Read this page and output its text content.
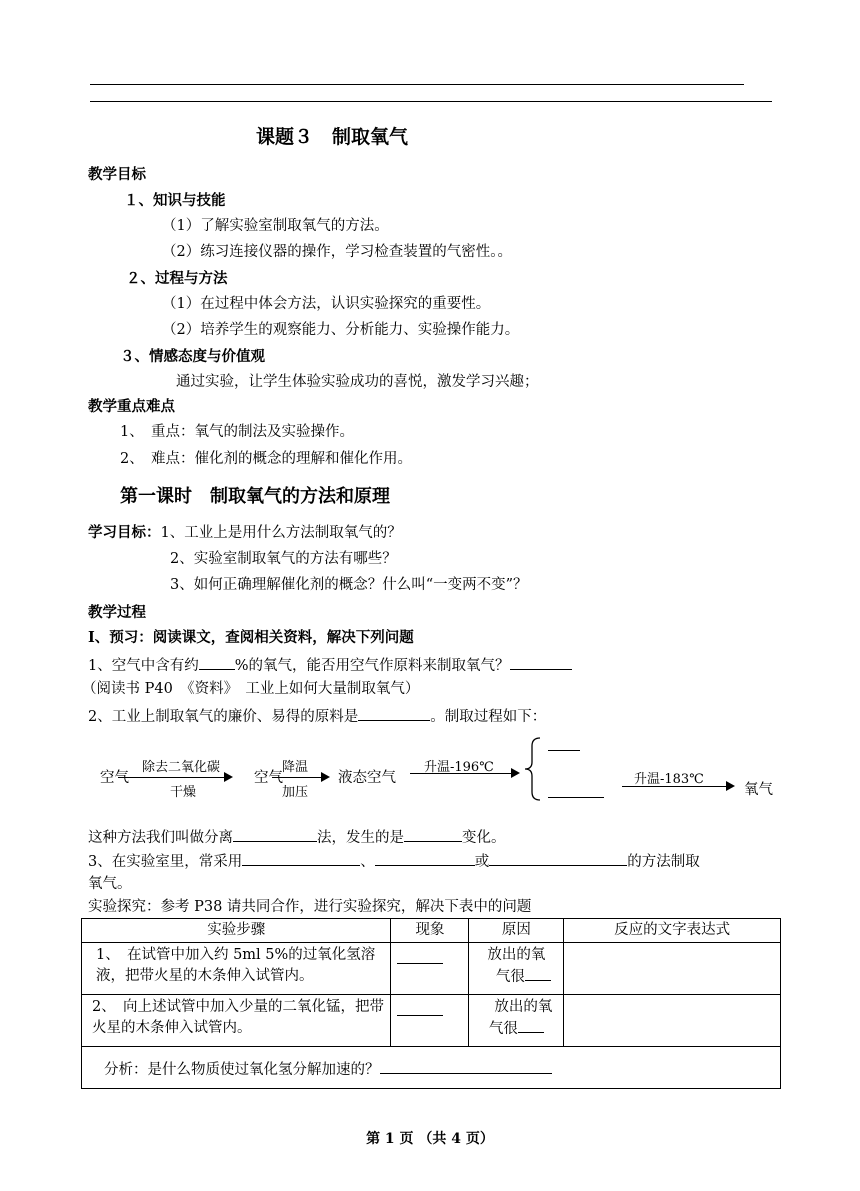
课题３　制取氧气
教学目标
１、知识与技能
（1）了解实验室制取氧气的方法。
（2）练习连接仪器的操作，学习检查装置的气密性。。
２、过程与方法
（1）在过程中体会方法，认识实验探究的重要性。
（2）培养学生的观察能力、分析能力、实验操作能力。
３、情感态度与价值观
通过实验，让学生体验实验成功的喜悦，激发学习兴趣；
教学重点难点
1、　重点：氧气的制法及实验操作。
2、　难点：催化剂的概念的理解和催化作用。
第一课时　制取氧气的方法和原理
学习目标：1、工业上是用什么方法制取氧气的？
2、实验室制取氧气的方法有哪些？
3、如何正确理解催化剂的概念？什么叫“一变两不变”？
教学过程
Ⅰ、预习：阅读课文，查阅相关资料，解决下列问题
1、空气中含有约 %的氧气，能否用空气作原料来制取氧气？
（阅读书 P40　《资料》　工业上如何大量制取氧气）
2、工业上制取氧气的廉价、易得的原料是	。制取过程如下：
空气
除去二氧化碳
干燥
空气
降温
加压
液态空气
升温-196℃
升温-183℃
氧气
这种方法我们叫做分离	法，发生的是	变化。
3、在实验室里，常采用	、	或	的方法制取
氧气。
实验探究：参考 P38 请共同合作，进行实验探究，解决下表中的问题
实验步骤	现象	原因	反应的文字表达式
1、　在试管中加入约 5ml 5%的过氧化氢溶液，把带火星的木条伸入试管内。		放出的氧
气很	

2、　向上述试管中加入少量的二氧化锰，把带火星的木条伸入试管内。		放出的氧
气很	

分析：是什么物质使过氧化氢分解加速的？			
第 1 页 （共 4 页）
